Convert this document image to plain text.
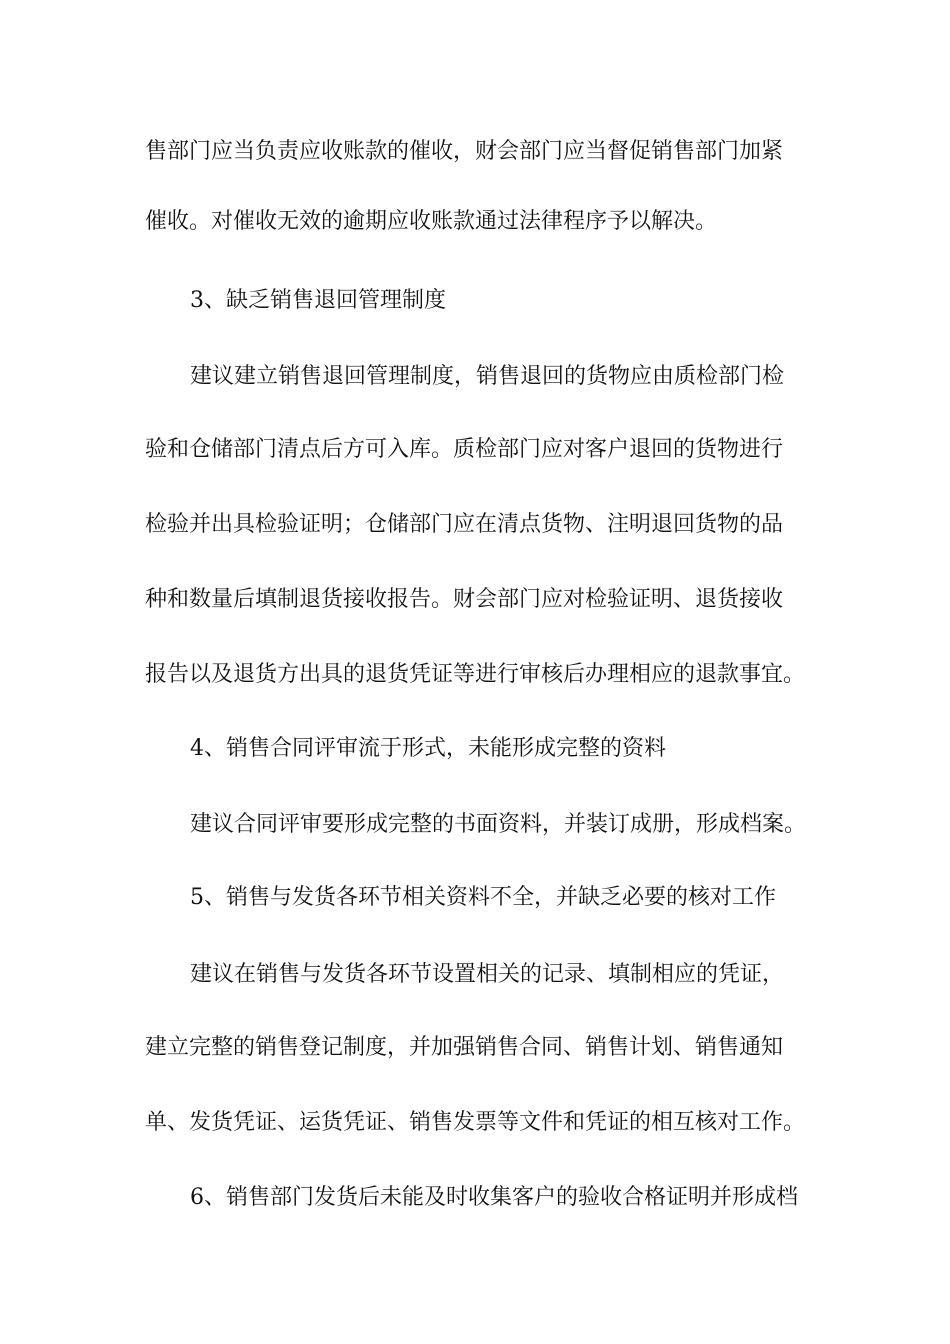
售部门应当负责应收账款的催收，财会部门应当督促销售部门加紧
催收。对催收无效的逾期应收账款通过法律程序予以解决。
3、缺乏销售退回管理制度
建议建立销售退回管理制度，销售退回的货物应由质检部门检
验和仓储部门清点后方可入库。质检部门应对客户退回的货物进行
检验并出具检验证明；仓储部门应在清点货物、注明退回货物的品
种和数量后填制退货接收报告。财会部门应对检验证明、退货接收
报告以及退货方出具的退货凭证等进行审核后办理相应的退款事宜。
4、销售合同评审流于形式，未能形成完整的资料
建议合同评审要形成完整的书面资料，并装订成册，形成档案。
5、销售与发货各环节相关资料不全，并缺乏必要的核对工作
建议在销售与发货各环节设置相关的记录、填制相应的凭证，
建立完整的销售登记制度，并加强销售合同、销售计划、销售通知
单、发货凭证、运货凭证、销售发票等文件和凭证的相互核对工作。
6、销售部门发货后未能及时收集客户的验收合格证明并形成档
